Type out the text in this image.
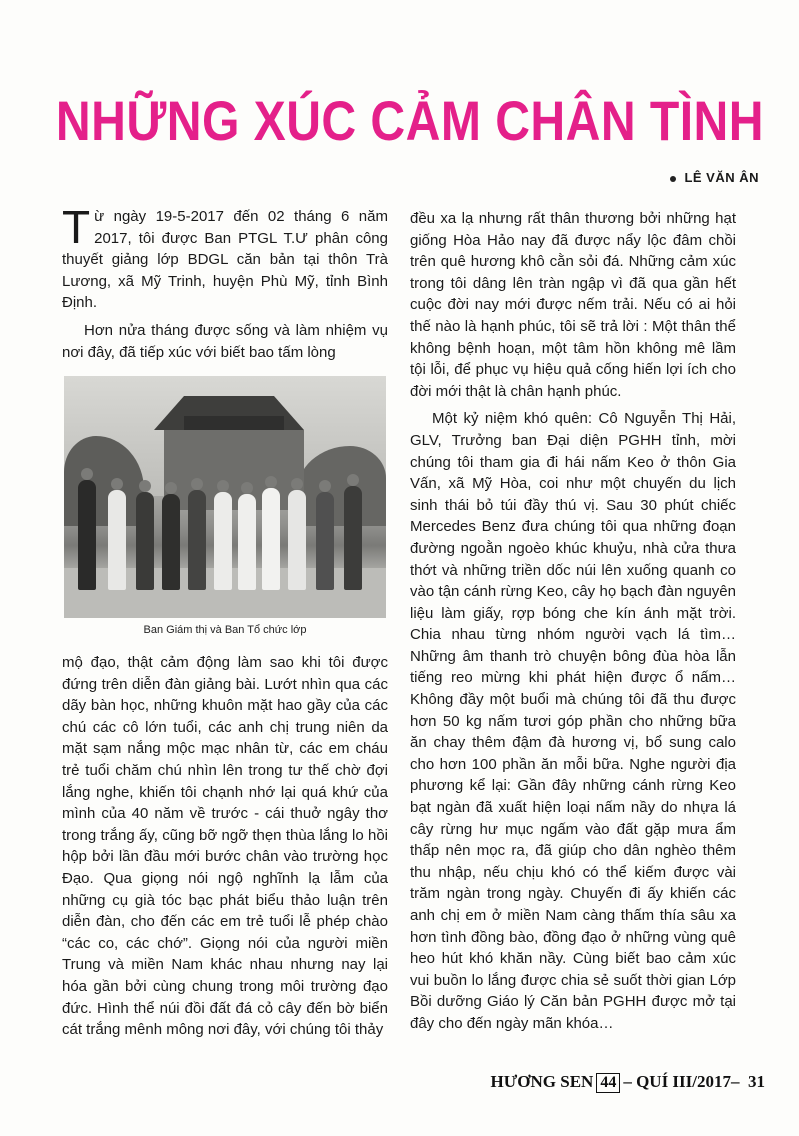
NHỮNG XÚC CẢM CHÂN TÌNH
LÊ VĂN ÂN

Từ ngày 19-5-2017 đến 02 tháng 6 năm 2017, tôi được Ban PTGL T.Ư phân công thuyết giảng lớp BDGL căn bản tại thôn Trà Lương, xã Mỹ Trinh, huyện Phù Mỹ, tỉnh Bình Định.

Hơn nửa tháng được sống và làm nhiệm vụ nơi đây, đã tiếp xúc với biết bao tấm lòng

Ban Giám thị và Ban Tổ chức lớp

mộ đạo, thật cảm động làm sao khi tôi được đứng trên diễn đàn giảng bài. Lướt nhìn qua các dãy bàn học, những khuôn mặt hao gầy của các chú các cô lớn tuổi, các anh chị trung niên da mặt sạm nắng mộc mạc nhân từ, các em cháu trẻ tuổi chăm chú nhìn lên trong tư thế chờ đợi lắng nghe, khiến tôi chạnh nhớ lại quá khứ của mình của 40 năm về trước - cái thuở ngây thơ trong trắng ấy, cũng bỡ ngỡ thẹn thùa lắng lo hồi hộp bởi lần đầu mới bước chân vào trường học Đạo. Qua giọng nói ngộ nghĩnh lạ lẫm của những cụ già tóc bạc phát biểu thảo luận trên diễn đàn, cho đến các em trẻ tuổi lễ phép chào “các co, các chớ”. Giọng nói của người miền Trung và miền Nam khác nhau nhưng nay lại hóa gần bởi cùng chung trong môi trường đạo đức. Hình thể núi đồi đất đá cỏ cây đến bờ biển cát trắng mênh mông nơi đây, với chúng tôi thảy

đều xa lạ nhưng rất thân thương bởi những hạt giống Hòa Hảo nay đã được nẩy lộc đâm chồi trên quê hương khô cằn sỏi đá. Những cảm xúc trong tôi dâng lên tràn ngập vì đã qua gần hết cuộc đời nay mới được nếm trải. Nếu có ai hỏi thế nào là hạnh phúc, tôi sẽ trả lời : Một thân thể không bệnh hoạn, một tâm hồn không mê lầm tội lỗi, để phục vụ hiệu quả cống hiến lợi ích cho đời mới thật là chân hạnh phúc.

Một kỷ niệm khó quên: Cô Nguyễn Thị Hải, GLV, Trưởng ban Đại diện PGHH tỉnh, mời chúng tôi tham gia đi hái nấm Keo ở thôn Gia Vấn, xã Mỹ Hòa, coi như một chuyến du lịch sinh thái bỏ túi đầy thú vị. Sau 30 phút chiếc Mercedes Benz đưa chúng tôi qua những đoạn đường ngoằn ngoèo khúc khuỷu, nhà cửa thưa thớt và những triền dốc núi lên xuống quanh co vào tận cánh rừng Keo, cây họ bạch đàn nguyên liệu làm giấy, rợp bóng che kín ánh mặt trời. Chia nhau từng nhóm người vạch lá tìm… Những âm thanh trò chuyện bông đùa hòa lẫn tiếng reo mừng khi phát hiện được ổ nấm… Không đầy một buổi mà chúng tôi đã thu được hơn 50 kg nấm tươi góp phần cho những bữa ăn chay thêm đậm đà hương vị, bổ sung calo cho hơn 100 phần ăn mỗi bữa. Nghe người địa phương kể lại: Gần đây những cánh rừng Keo bạt ngàn đã xuất hiện loại nấm nầy do nhựa lá cây rừng hư mục ngấm vào đất gặp mưa ẩm thấp nên mọc ra, đã giúp cho dân nghèo thêm thu nhập, nếu chịu khó có thể kiếm được vài trăm ngàn trong ngày. Chuyến đi ấy khiến các anh chị em ở miền Nam càng thấm thía sâu xa hơn tình đồng bào, đồng đạo ở những vùng quê heo hút khó khăn nầy. Cùng biết bao cảm xúc vui buồn lo lắng được chia sẻ suốt thời gian Lớp Bồi dưỡng Giáo lý Căn bản PGHH được mở tại đây cho đến ngày mãn khóa…

HƯƠNG SEN 44 – QUÍ III/2017– 31
